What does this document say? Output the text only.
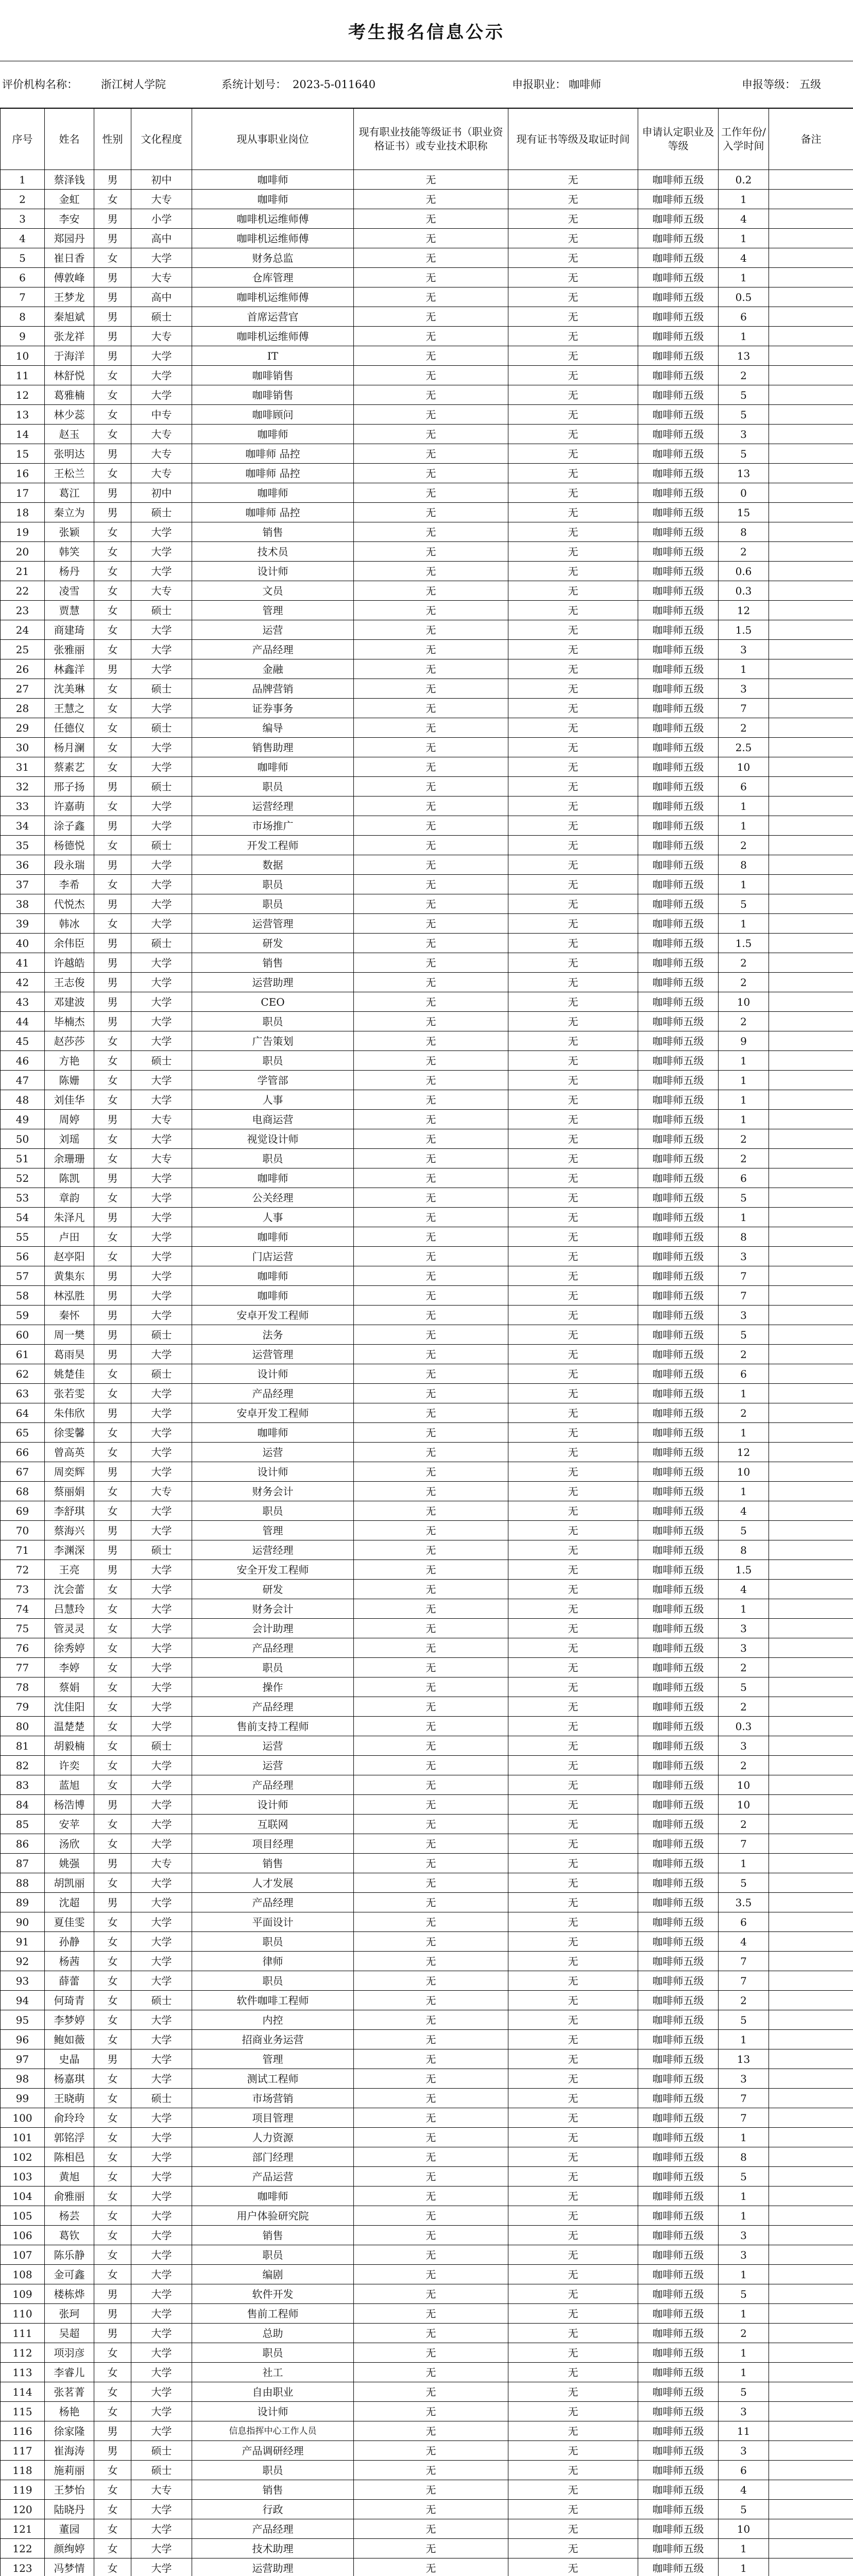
考生报名信息公示
评价机构名称： 浙江树人学院	系统计划号： 2023-5-011640	申报职业： 咖啡师	申报等级： 五级
序号	姓名	性别	文化程度	现从事职业岗位	现有职业技能等级证书（职业资格证书）或专业技术职称	现有证书等级及取证时间	申请认定职业及等级	工作年份/入学时间	备注
1	蔡泽钱	男	初中	咖啡师	无	无	咖啡师五级	0.2	
2	金虹	女	大专	咖啡师	无	无	咖啡师五级	1	
3	李安	男	小学	咖啡机运维师傅	无	无	咖啡师五级	4	
4	郑园丹	男	高中	咖啡机运维师傅	无	无	咖啡师五级	1	
5	崔日香	女	大学	财务总监	无	无	咖啡师五级	4	
6	傅敦峰	男	大专	仓库管理	无	无	咖啡师五级	1	
7	王梦龙	男	高中	咖啡机运维师傅	无	无	咖啡师五级	0.5	
8	秦旭斌	男	硕士	首席运营官	无	无	咖啡师五级	6	
9	张龙祥	男	大专	咖啡机运维师傅	无	无	咖啡师五级	1	
10	于海洋	男	大学	IT	无	无	咖啡师五级	13	
11	林舒悦	女	大学	咖啡销售	无	无	咖啡师五级	2	
12	葛雅楠	女	大学	咖啡销售	无	无	咖啡师五级	5	
13	林少蕊	女	中专	咖啡顾问	无	无	咖啡师五级	5	
14	赵玉	女	大专	咖啡师	无	无	咖啡师五级	3	
15	张明达	男	大专	咖啡师 品控	无	无	咖啡师五级	5	
16	王松兰	女	大专	咖啡师 品控	无	无	咖啡师五级	13	
17	葛江	男	初中	咖啡师	无	无	咖啡师五级	0	
18	秦立为	男	硕士	咖啡师 品控	无	无	咖啡师五级	15	
19	张颖	女	大学	销售	无	无	咖啡师五级	8	
20	韩笑	女	大学	技术员	无	无	咖啡师五级	2	
21	杨丹	女	大学	设计师	无	无	咖啡师五级	0.6	
22	凌雪	女	大专	文员	无	无	咖啡师五级	0.3	
23	贾慧	女	硕士	管理	无	无	咖啡师五级	12	
24	商建琦	女	大学	运营	无	无	咖啡师五级	1.5	
25	张雅丽	女	大学	产品经理	无	无	咖啡师五级	3	
26	林鑫洋	男	大学	金融	无	无	咖啡师五级	1	
27	沈美琳	女	硕士	品牌营销	无	无	咖啡师五级	3	
28	王慧之	女	大学	证券事务	无	无	咖啡师五级	7	
29	任德仪	女	硕士	编导	无	无	咖啡师五级	2	
30	杨月澜	女	大学	销售助理	无	无	咖啡师五级	2.5	
31	蔡素艺	女	大学	咖啡师	无	无	咖啡师五级	10	
32	邢子扬	男	硕士	职员	无	无	咖啡师五级	6	
33	许嘉萌	女	大学	运营经理	无	无	咖啡师五级	1	
34	涂子鑫	男	大学	市场推广	无	无	咖啡师五级	1	
35	杨德悦	女	硕士	开发工程师	无	无	咖啡师五级	2	
36	段永瑞	男	大学	数据	无	无	咖啡师五级	8	
37	李希	女	大学	职员	无	无	咖啡师五级	1	
38	代悦杰	男	大学	职员	无	无	咖啡师五级	5	
39	韩冰	女	大学	运营管理	无	无	咖啡师五级	1	
40	余伟臣	男	硕士	研发	无	无	咖啡师五级	1.5	
41	许越皓	男	大学	销售	无	无	咖啡师五级	2	
42	王志俊	男	大学	运营助理	无	无	咖啡师五级	2	
43	邓建波	男	大学	CEO	无	无	咖啡师五级	10	
44	毕楠杰	男	大学	职员	无	无	咖啡师五级	2	
45	赵莎莎	女	大学	广告策划	无	无	咖啡师五级	9	
46	方艳	女	硕士	职员	无	无	咖啡师五级	1	
47	陈姗	女	大学	学管部	无	无	咖啡师五级	1	
48	刘佳华	女	大学	人事	无	无	咖啡师五级	1	
49	周婷	男	大专	电商运营	无	无	咖啡师五级	1	
50	刘瑶	女	大学	视觉设计师	无	无	咖啡师五级	2	
51	余珊珊	女	大专	职员	无	无	咖啡师五级	2	
52	陈凯	男	大学	咖啡师	无	无	咖啡师五级	6	
53	章韵	女	大学	公关经理	无	无	咖啡师五级	5	
54	朱泽凡	男	大学	人事	无	无	咖啡师五级	1	
55	卢田	女	大学	咖啡师	无	无	咖啡师五级	8	
56	赵亭阳	女	大学	门店运营	无	无	咖啡师五级	3	
57	黄集东	男	大学	咖啡师	无	无	咖啡师五级	7	
58	林泓胜	男	大学	咖啡师	无	无	咖啡师五级	7	
59	秦怀	男	大学	安卓开发工程师	无	无	咖啡师五级	3	
60	周一樊	男	硕士	法务	无	无	咖啡师五级	5	
61	葛雨昊	男	大学	运营管理	无	无	咖啡师五级	2	
62	姚楚佳	女	硕士	设计师	无	无	咖啡师五级	6	
63	张若雯	女	大学	产品经理	无	无	咖啡师五级	1	
64	朱伟欣	男	大学	安卓开发工程师	无	无	咖啡师五级	2	
65	徐雯馨	女	大学	咖啡师	无	无	咖啡师五级	1	
66	曾高英	女	大学	运营	无	无	咖啡师五级	12	
67	周奕辉	男	大学	设计师	无	无	咖啡师五级	10	
68	蔡丽娟	女	大专	财务会计	无	无	咖啡师五级	1	
69	李舒琪	女	大学	职员	无	无	咖啡师五级	4	
70	蔡海兴	男	大学	管理	无	无	咖啡师五级	5	
71	李渊深	男	硕士	运营经理	无	无	咖啡师五级	8	
72	王亮	男	大学	安全开发工程师	无	无	咖啡师五级	1.5	
73	沈会蕾	女	大学	研发	无	无	咖啡师五级	4	
74	吕慧玲	女	大学	财务会计	无	无	咖啡师五级	1	
75	管灵灵	女	大学	会计助理	无	无	咖啡师五级	3	
76	徐秀婷	女	大学	产品经理	无	无	咖啡师五级	3	
77	李婷	女	大学	职员	无	无	咖啡师五级	2	
78	蔡娟	女	大学	操作	无	无	咖啡师五级	5	
79	沈佳阳	女	大学	产品经理	无	无	咖啡师五级	2	
80	温楚楚	女	大学	售前支持工程师	无	无	咖啡师五级	0.3	
81	胡毅楠	女	硕士	运营	无	无	咖啡师五级	3	
82	许奕	女	大学	运营	无	无	咖啡师五级	2	
83	蓝旭	女	大学	产品经理	无	无	咖啡师五级	10	
84	杨浩博	男	大学	设计师	无	无	咖啡师五级	10	
85	安苹	女	大学	互联网	无	无	咖啡师五级	2	
86	汤欣	女	大学	项目经理	无	无	咖啡师五级	7	
87	姚强	男	大专	销售	无	无	咖啡师五级	1	
88	胡凯丽	女	大学	人才发展	无	无	咖啡师五级	5	
89	沈超	男	大学	产品经理	无	无	咖啡师五级	3.5	
90	夏佳雯	女	大学	平面设计	无	无	咖啡师五级	6	
91	孙静	女	大学	职员	无	无	咖啡师五级	4	
92	杨茜	女	大学	律师	无	无	咖啡师五级	7	
93	薛蕾	女	大学	职员	无	无	咖啡师五级	7	
94	何琦青	女	硕士	软件咖啡工程师	无	无	咖啡师五级	2	
95	李梦婷	女	大学	内控	无	无	咖啡师五级	5	
96	鲍如薇	女	大学	招商业务运营	无	无	咖啡师五级	1	
97	史晶	男	大学	管理	无	无	咖啡师五级	13	
98	杨嘉琪	女	大学	测试工程师	无	无	咖啡师五级	3	
99	王晓萌	女	硕士	市场营销	无	无	咖啡师五级	7	
100	俞玲玲	女	大学	项目管理	无	无	咖啡师五级	7	
101	郭铭浮	女	大学	人力资源	无	无	咖啡师五级	1	
102	陈相邑	女	大学	部门经理	无	无	咖啡师五级	8	
103	黄旭	女	大学	产品运营	无	无	咖啡师五级	5	
104	俞雅丽	女	大学	咖啡师	无	无	咖啡师五级	1	
105	杨芸	女	大学	用户体验研究院	无	无	咖啡师五级	1	
106	葛钦	女	大学	销售	无	无	咖啡师五级	3	
107	陈乐静	女	大学	职员	无	无	咖啡师五级	3	
108	金可鑫	女	大学	编剧	无	无	咖啡师五级	1	
109	楼栋烨	男	大学	软件开发	无	无	咖啡师五级	5	
110	张珂	男	大学	售前工程师	无	无	咖啡师五级	1	
111	吴超	男	大学	总助	无	无	咖啡师五级	2	
112	项羽彦	女	大学	职员	无	无	咖啡师五级	1	
113	李睿儿	女	大学	社工	无	无	咖啡师五级	1	
114	张茗菁	女	大学	自由职业	无	无	咖啡师五级	5	
115	杨艳	女	大学	设计师	无	无	咖啡师五级	3	
116	徐家隆	男	大学	信息指挥中心工作人员	无	无	咖啡师五级	11	
117	崔海涛	男	硕士	产品调研经理	无	无	咖啡师五级	3	
118	施莉丽	女	硕士	职员	无	无	咖啡师五级	6	
119	王梦怡	女	大专	销售	无	无	咖啡师五级	4	
120	陆晓丹	女	大学	行政	无	无	咖啡师五级	5	
121	董园	女	大学	产品经理	无	无	咖啡师五级	10	
122	颜绚婷	女	大学	技术助理	无	无	咖啡师五级	1	
123	冯梦情	女	大学	运营助理	无	无	咖啡师五级	1	
